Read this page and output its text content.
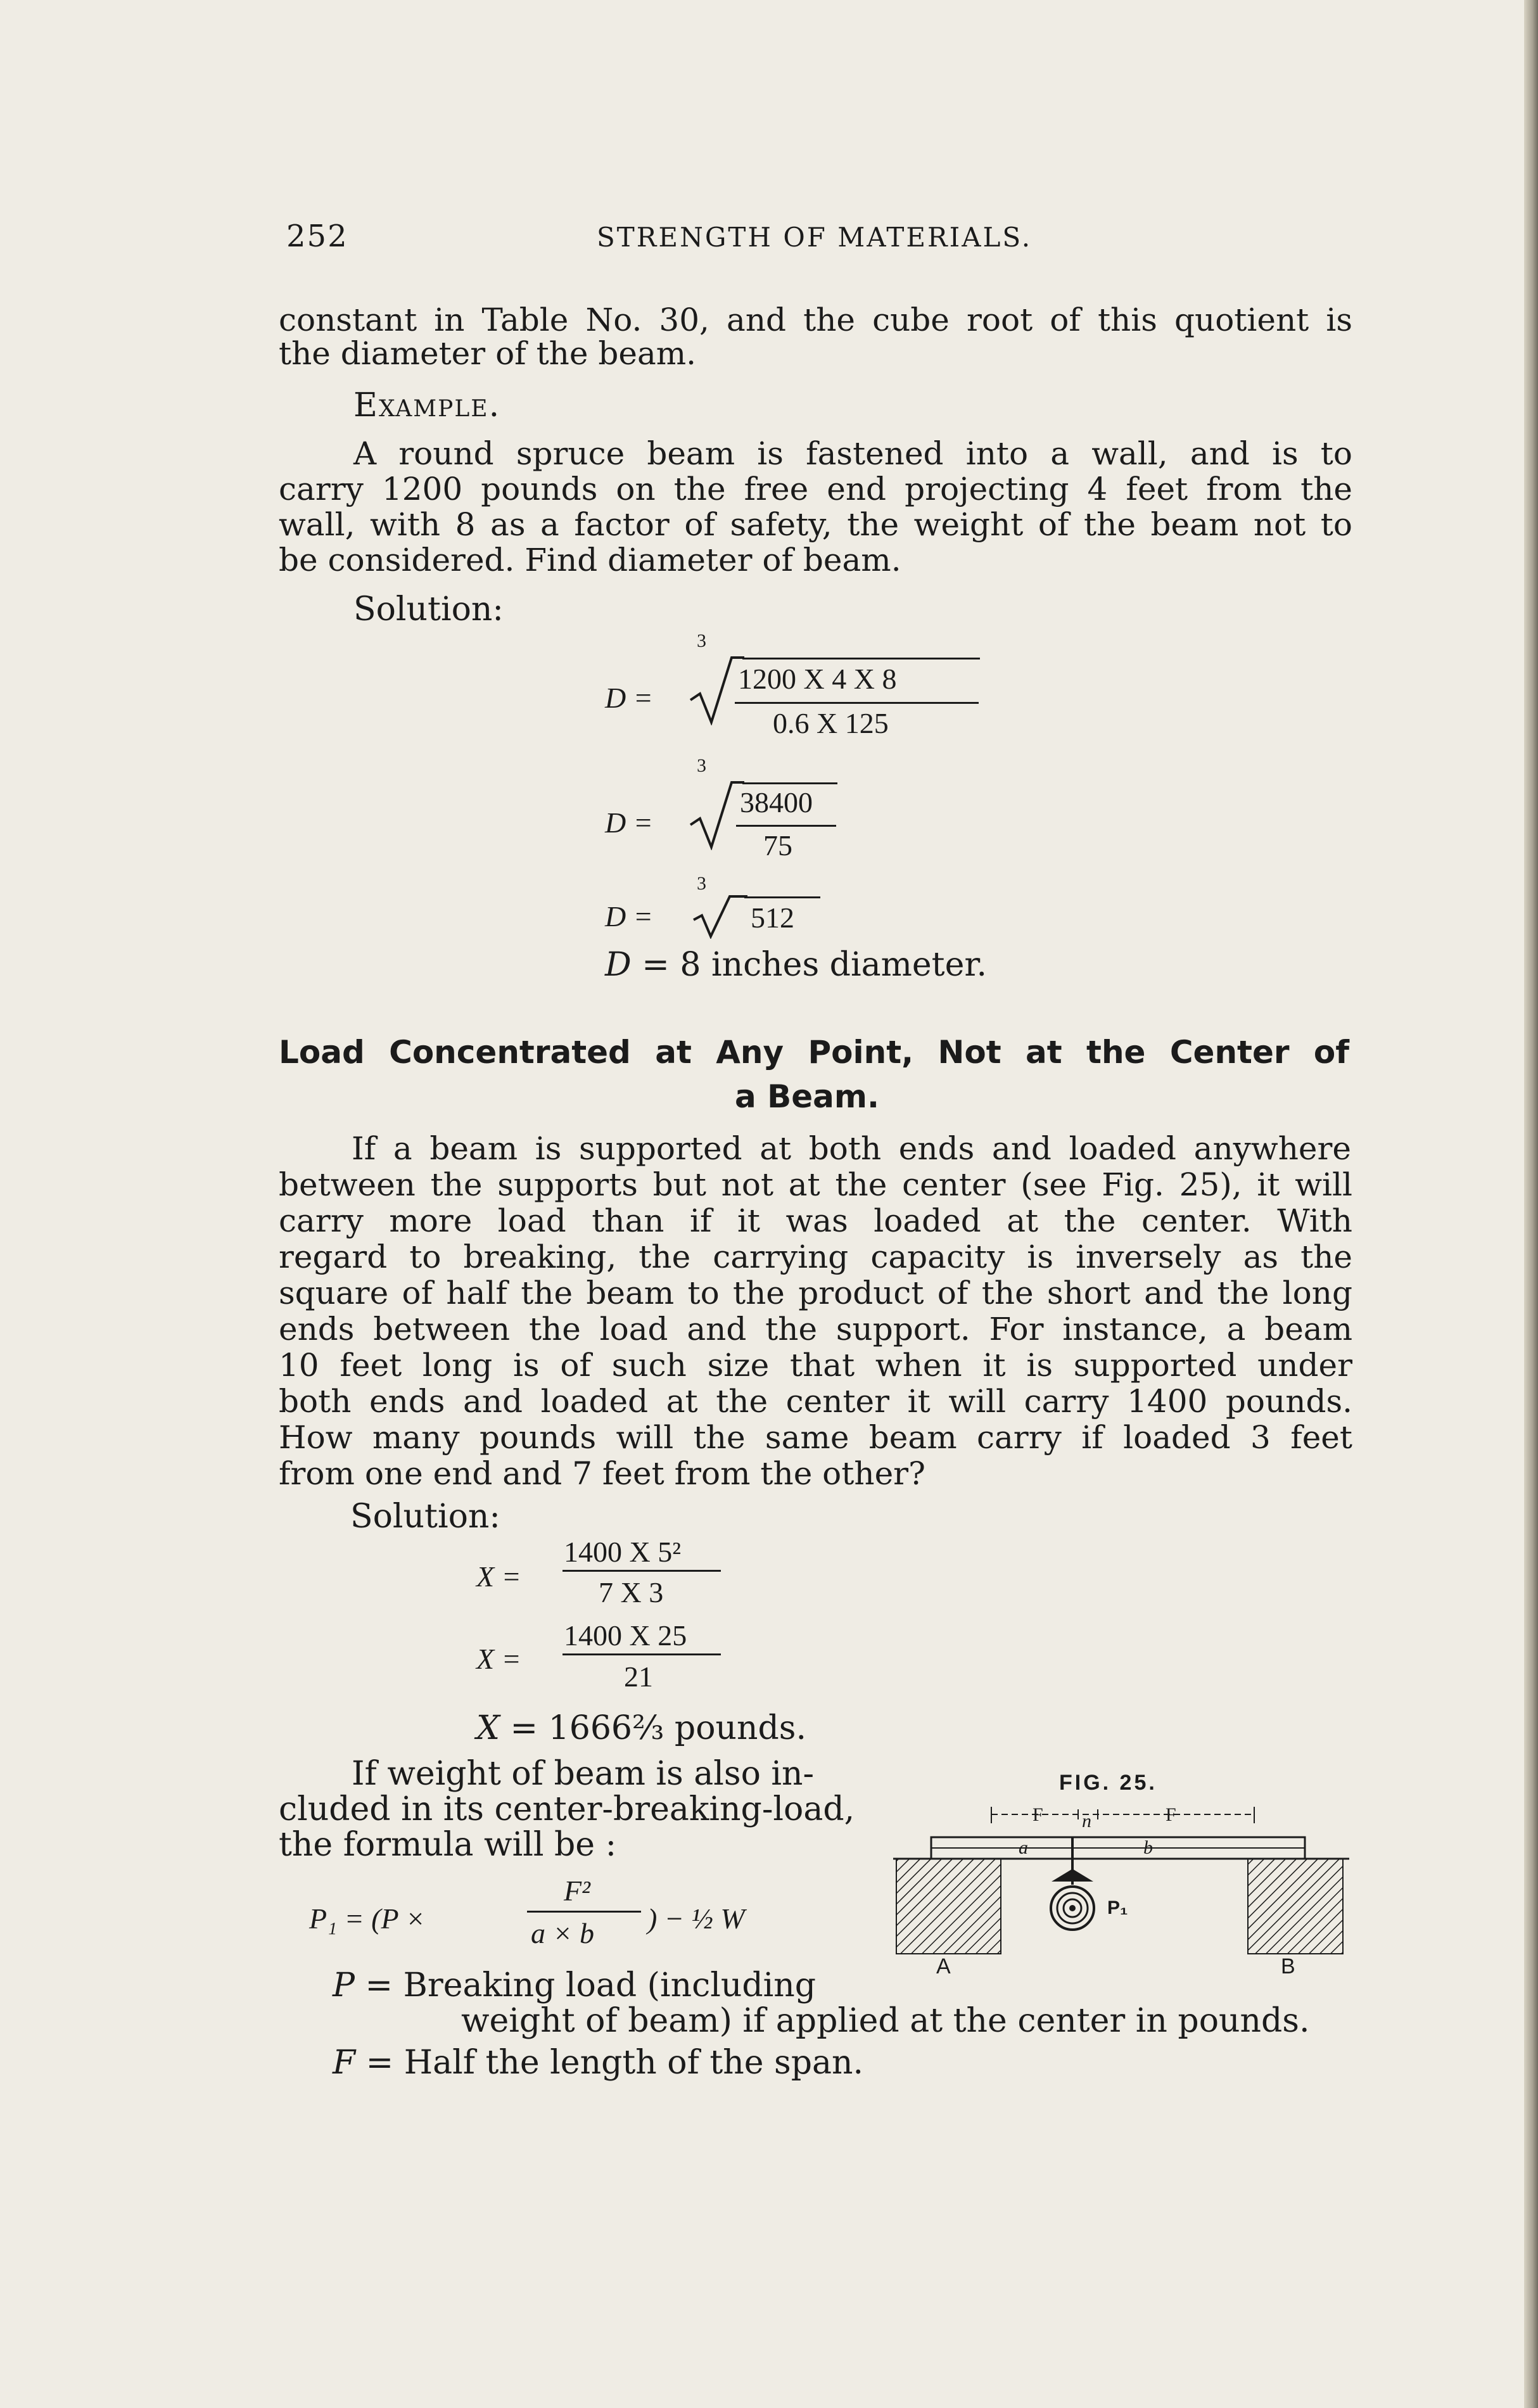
252	STRENGTH OF MATERIALS.
constant in Table No. 30, and the cube root of this quotient is
the diameter of the beam.
Example.
A round spruce beam is fastened into a wall, and is to
carry 1200 pounds on the free end projecting 4 feet from the
wall, with 8 as a factor of safety, the weight of the beam not to
be considered. Find diameter of beam.
Solution:
3
D =
1200 X 4 X 8
0.6 X 125
3
D =
38400
75
3
D =	512
D = 8 inches diameter.
Load Concentrated at Any Point, Not at the Center of
a Beam.
If a beam is supported at both ends and loaded anywhere
between the supports but not at the center (see Fig. 25), it will
carry more load than if it was loaded at the center. With
regard to breaking, the carrying capacity is inversely as the
square of half the beam to the product of the short and the long
ends between the load and the support. For instance, a beam
10 feet long is of such size that when it is supported under
both ends and loaded at the center it will carry 1400 pounds.
How many pounds will the same beam carry if loaded 3 feet
from one end and 7 feet from the other?
Solution:
X =
1400 X 5²
7 X 3
X =
1400 X 25
21
X = 1666⅔ pounds.
If weight of beam is also in-
cluded in its center-breaking-load,
the formula will be :
P₁ = (P ×
F²
a × b ) − ½ W
P = Breaking load (including
weight of beam) if applied at the center in pounds.
F = Half the length of the span.
FIG. 25.
F n	F
a	b
P₁
A	B
